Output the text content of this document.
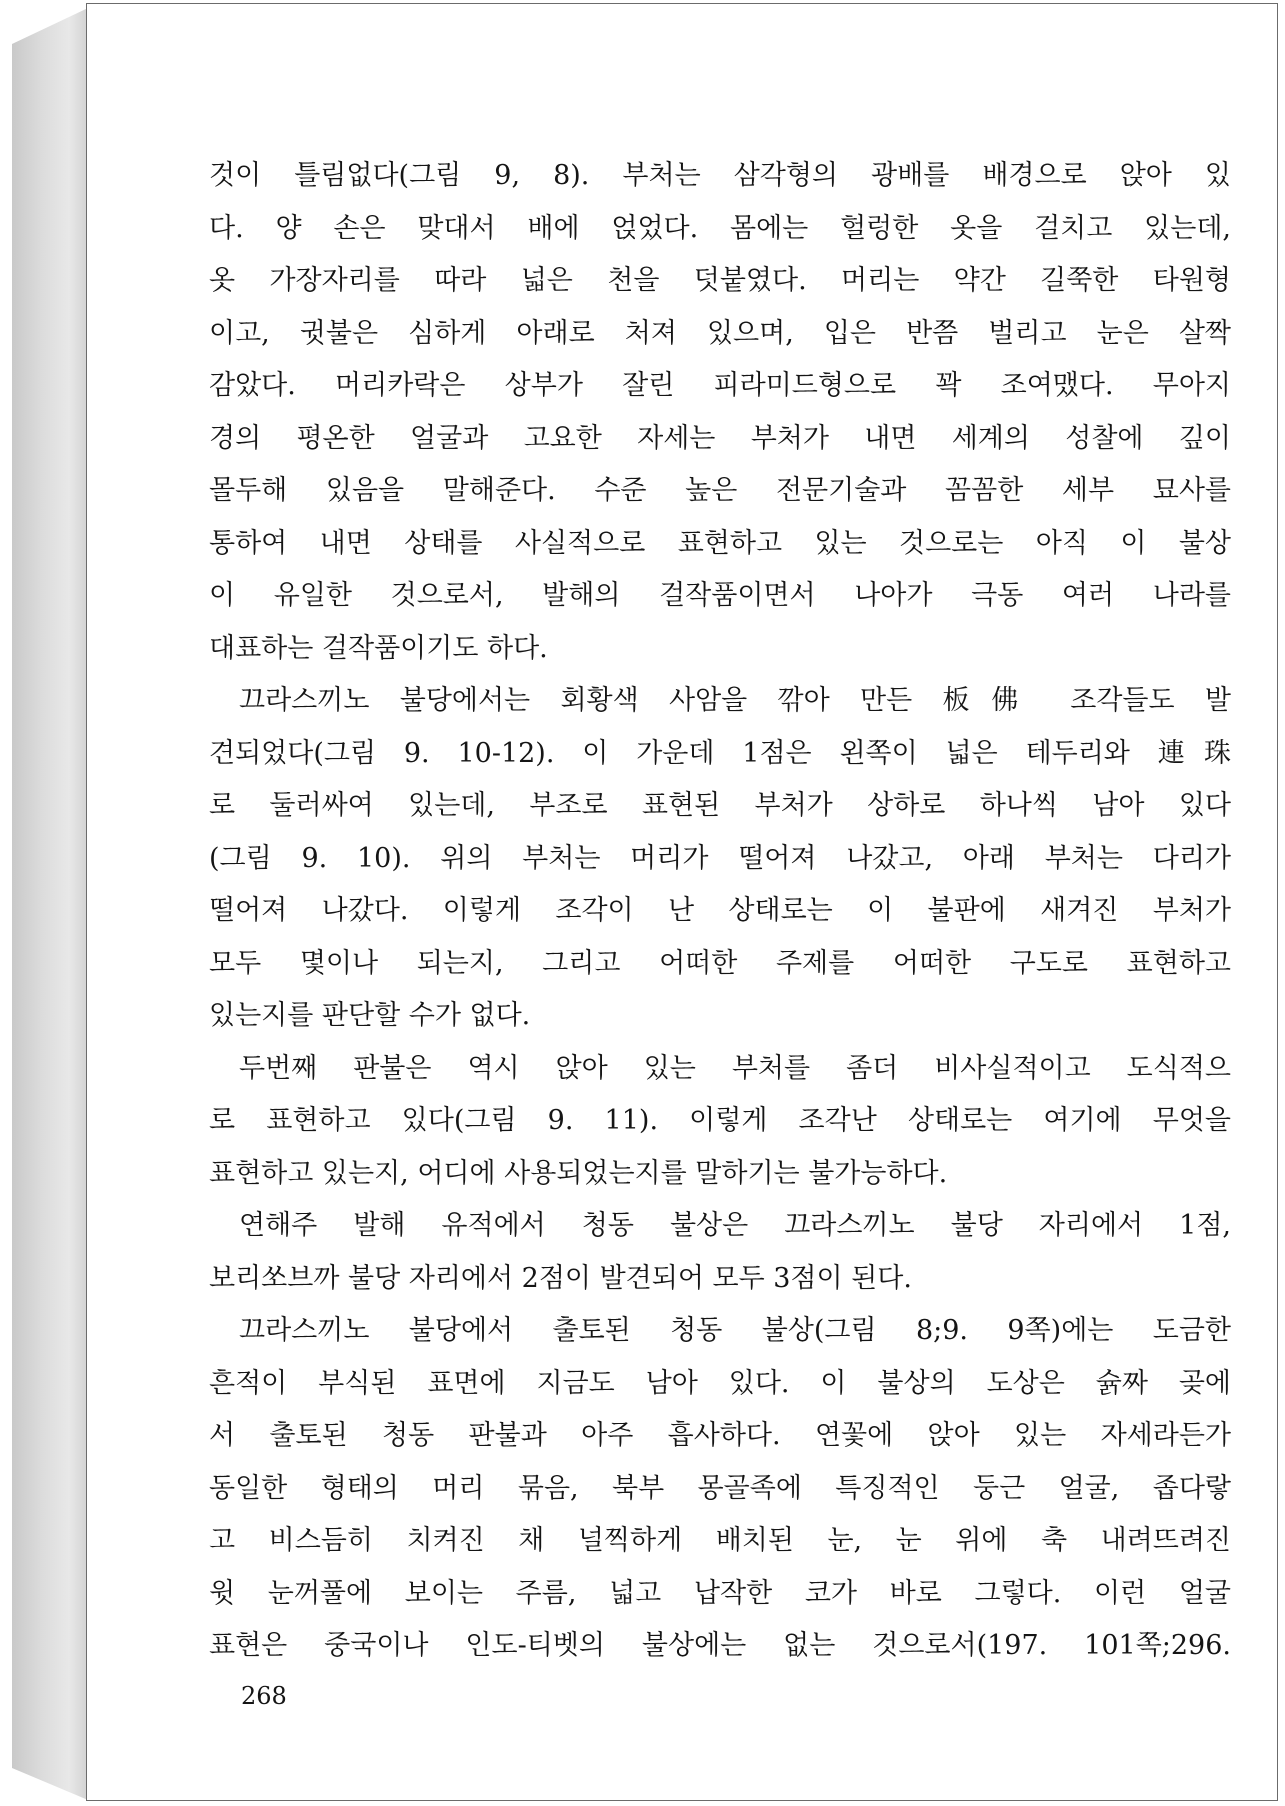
것이 틀림없다(그림 9, 8). 부처는 삼각형의 광배를 배경으로 앉아 있
다. 양 손은 맞대서 배에 얹었다. 몸에는 헐렁한 옷을 걸치고 있는데,
옷 가장자리를 따라 넓은 천을 덧붙였다. 머리는 약간 길쭉한 타원형
이고, 귓불은 심하게 아래로 처져 있으며, 입은 반쯤 벌리고 눈은 살짝
감았다. 머리카락은 상부가 잘린 피라미드형으로 꽉 조여맸다. 무아지
경의 평온한 얼굴과 고요한 자세는 부처가 내면 세계의 성찰에 깊이
몰두해 있음을 말해준다. 수준 높은 전문기술과 꼼꼼한 세부 묘사를
통하여 내면 상태를 사실적으로 표현하고 있는 것으로는 아직 이 불상
이 유일한 것으로서, 발해의 걸작품이면서 나아가 극동 여러 나라를
대표하는 걸작품이기도 하다.
끄라스끼노 불당에서는 회황색 사암을 깎아 만든 板佛 조각들도 발
견되었다(그림 9. 10-12). 이 가운데 1점은 왼쪽이 넓은 테두리와 連珠
로 둘러싸여 있는데, 부조로 표현된 부처가 상하로 하나씩 남아 있다
(그림 9. 10). 위의 부처는 머리가 떨어져 나갔고, 아래 부처는 다리가
떨어져 나갔다. 이렇게 조각이 난 상태로는 이 불판에 새겨진 부처가
모두 몇이나 되는지, 그리고 어떠한 주제를 어떠한 구도로 표현하고
있는지를 판단할 수가 없다.
두번째 판불은 역시 앉아 있는 부처를 좀더 비사실적이고 도식적으
로 표현하고 있다(그림 9. 11). 이렇게 조각난 상태로는 여기에 무엇을
표현하고 있는지, 어디에 사용되었는지를 말하기는 불가능하다.
연해주 발해 유적에서 청동 불상은 끄라스끼노 불당 자리에서 1점,
보리쏘브까 불당 자리에서 2점이 발견되어 모두 3점이 된다.
끄라스끼노 불당에서 출토된 청동 불상(그림 8;9. 9쪽)에는 도금한
흔적이 부식된 표면에 지금도 남아 있다. 이 불상의 도상은 슑짜 곶에
서 출토된 청동 판불과 아주 흡사하다. 연꽃에 앉아 있는 자세라든가
동일한 형태의 머리 묶음, 북부 몽골족에 특징적인 둥근 얼굴, 좁다랗
고 비스듬히 치켜진 채 널찍하게 배치된 눈, 눈 위에 축 내려뜨려진
윗 눈꺼풀에 보이는 주름, 넓고 납작한 코가 바로 그렇다. 이런 얼굴
표현은 중국이나 인도-티벳의 불상에는 없는 것으로서(197. 101쪽;296.
268
